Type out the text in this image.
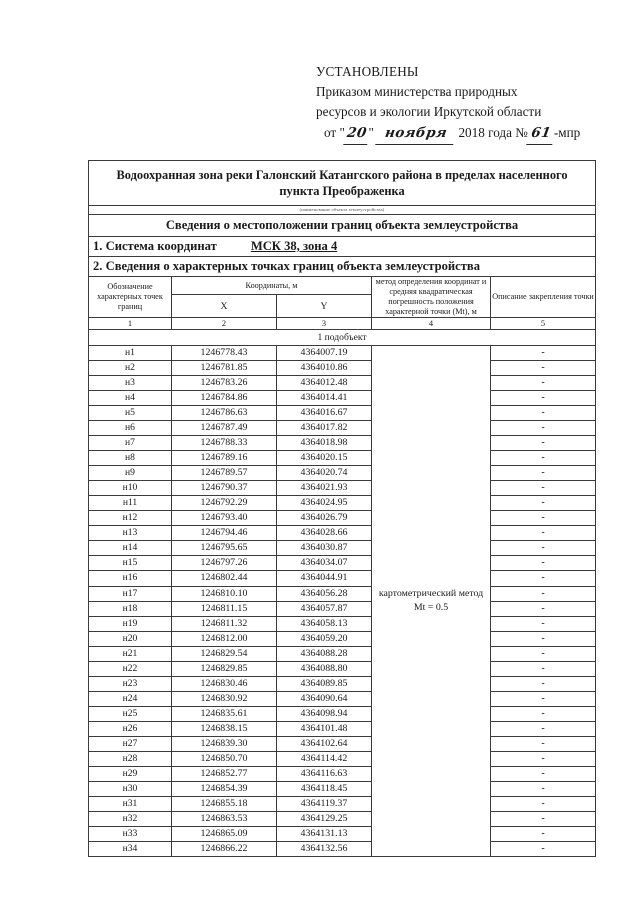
УСТАНОВЛЕНЫ
Приказом министерства природных
ресурсов и экологии Иркутской области
от "20" ноября 2018 года № 61 -мпр
Водоохранная зона реки Галонский Катангского района в пределах населенного пункта Преображенка				
(наименование объекта землеустройства)				
Сведения о местоположении границ объекта землеустройства				
1. Система координат МСК 38, зона 4				
2. Сведения о характерных точках границ объекта землеустройства				
Обозначение характерных точек границ	Координаты, м		метод определения координат и средняя квадратическая погрешность положения характерной точки (Mt), м	Описание закрепления точки
	X	Y		
1	2	3	4	5
1 подобъект				
н1	1246778.43	4364007.19	картометрический метод Mt = 0.5	-
н2	1246781.85	4364010.86		-
н3	1246783.26	4364012.48		-
н4	1246784.86	4364014.41		-
н5	1246786.63	4364016.67		-
н6	1246787.49	4364017.82		-
н7	1246788.33	4364018.98		-
н8	1246789.16	4364020.15		-
н9	1246789.57	4364020.74		-
н10	1246790.37	4364021.93		-
н11	1246792.29	4364024.95		-
н12	1246793.40	4364026.79		-
н13	1246794.46	4364028.66		-
н14	1246795.65	4364030.87		-
н15	1246797.26	4364034.07		-
н16	1246802.44	4364044.91		-
н17	1246810.10	4364056.28		-
н18	1246811.15	4364057.87		-
н19	1246811.32	4364058.13		-
н20	1246812.00	4364059.20		-
н21	1246829.54	4364088.28		-
н22	1246829.85	4364088.80		-
н23	1246830.46	4364089.85		-
н24	1246830.92	4364090.64		-
н25	1246835.61	4364098.94		-
н26	1246838.15	4364101.48		-
н27	1246839.30	4364102.64		-
н28	1246850.70	4364114.42		-
н29	1246852.77	4364116.63		-
н30	1246854.39	4364118.45		-
н31	1246855.18	4364119.37		-
н32	1246863.53	4364129.25		-
н33	1246865.09	4364131.13		-
н34	1246866.22	4364132.56		-
